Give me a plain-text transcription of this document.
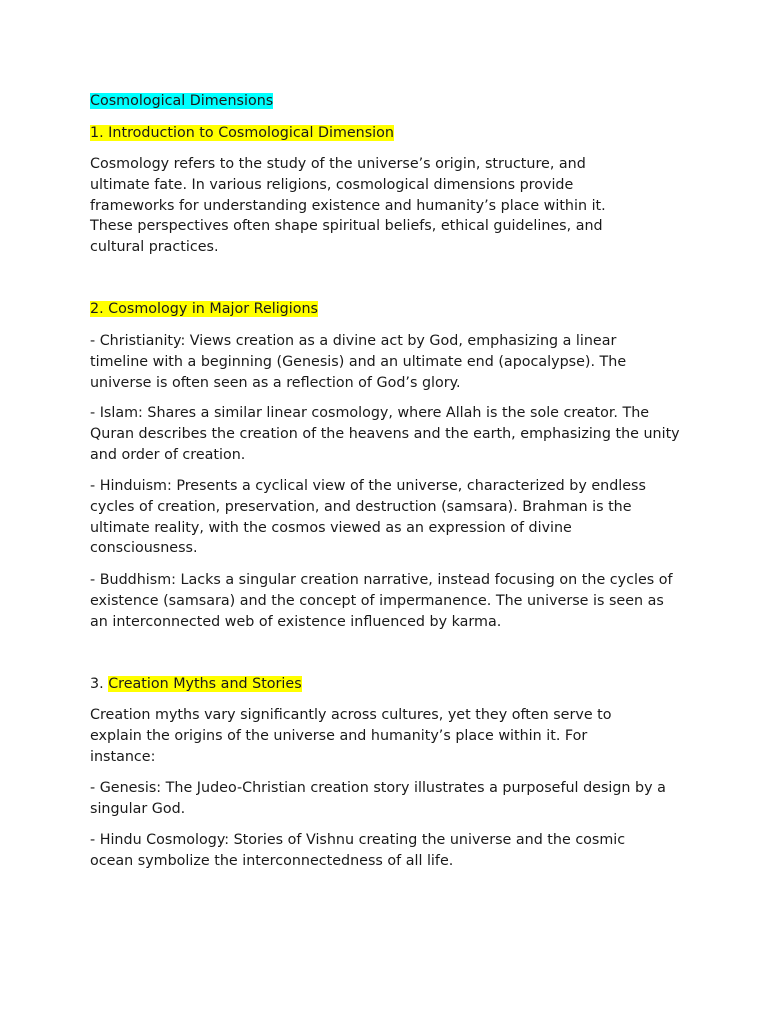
Cosmological Dimensions
1. Introduction to Cosmological Dimension

Cosmology refers to the study of the universe’s origin, structure, and ultimate fate. In various religions, cosmological dimensions provide frameworks for understanding existence and humanity’s place within it. These perspectives often shape spiritual beliefs, ethical guidelines, and cultural practices.

2. Cosmology in Major Religions

- Christianity: Views creation as a divine act by God, emphasizing a linear timeline with a beginning (Genesis) and an ultimate end (apocalypse). The universe is often seen as a reflection of God’s glory.

- Islam: Shares a similar linear cosmology, where Allah is the sole creator. The Quran describes the creation of the heavens and the earth, emphasizing the unity and order of creation.

- Hinduism: Presents a cyclical view of the universe, characterized by endless cycles of creation, preservation, and destruction (samsara). Brahman is the ultimate reality, with the cosmos viewed as an expression of divine consciousness.

- Buddhism: Lacks a singular creation narrative, instead focusing on the cycles of existence (samsara) and the concept of impermanence. The universe is seen as an interconnected web of existence influenced by karma.

3. Creation Myths and Stories

Creation myths vary significantly across cultures, yet they often serve to explain the origins of the universe and humanity’s place within it. For instance:

- Genesis: The Judeo-Christian creation story illustrates a purposeful design by a singular God.

- Hindu Cosmology: Stories of Vishnu creating the universe and the cosmic ocean symbolize the interconnectedness of all life.
